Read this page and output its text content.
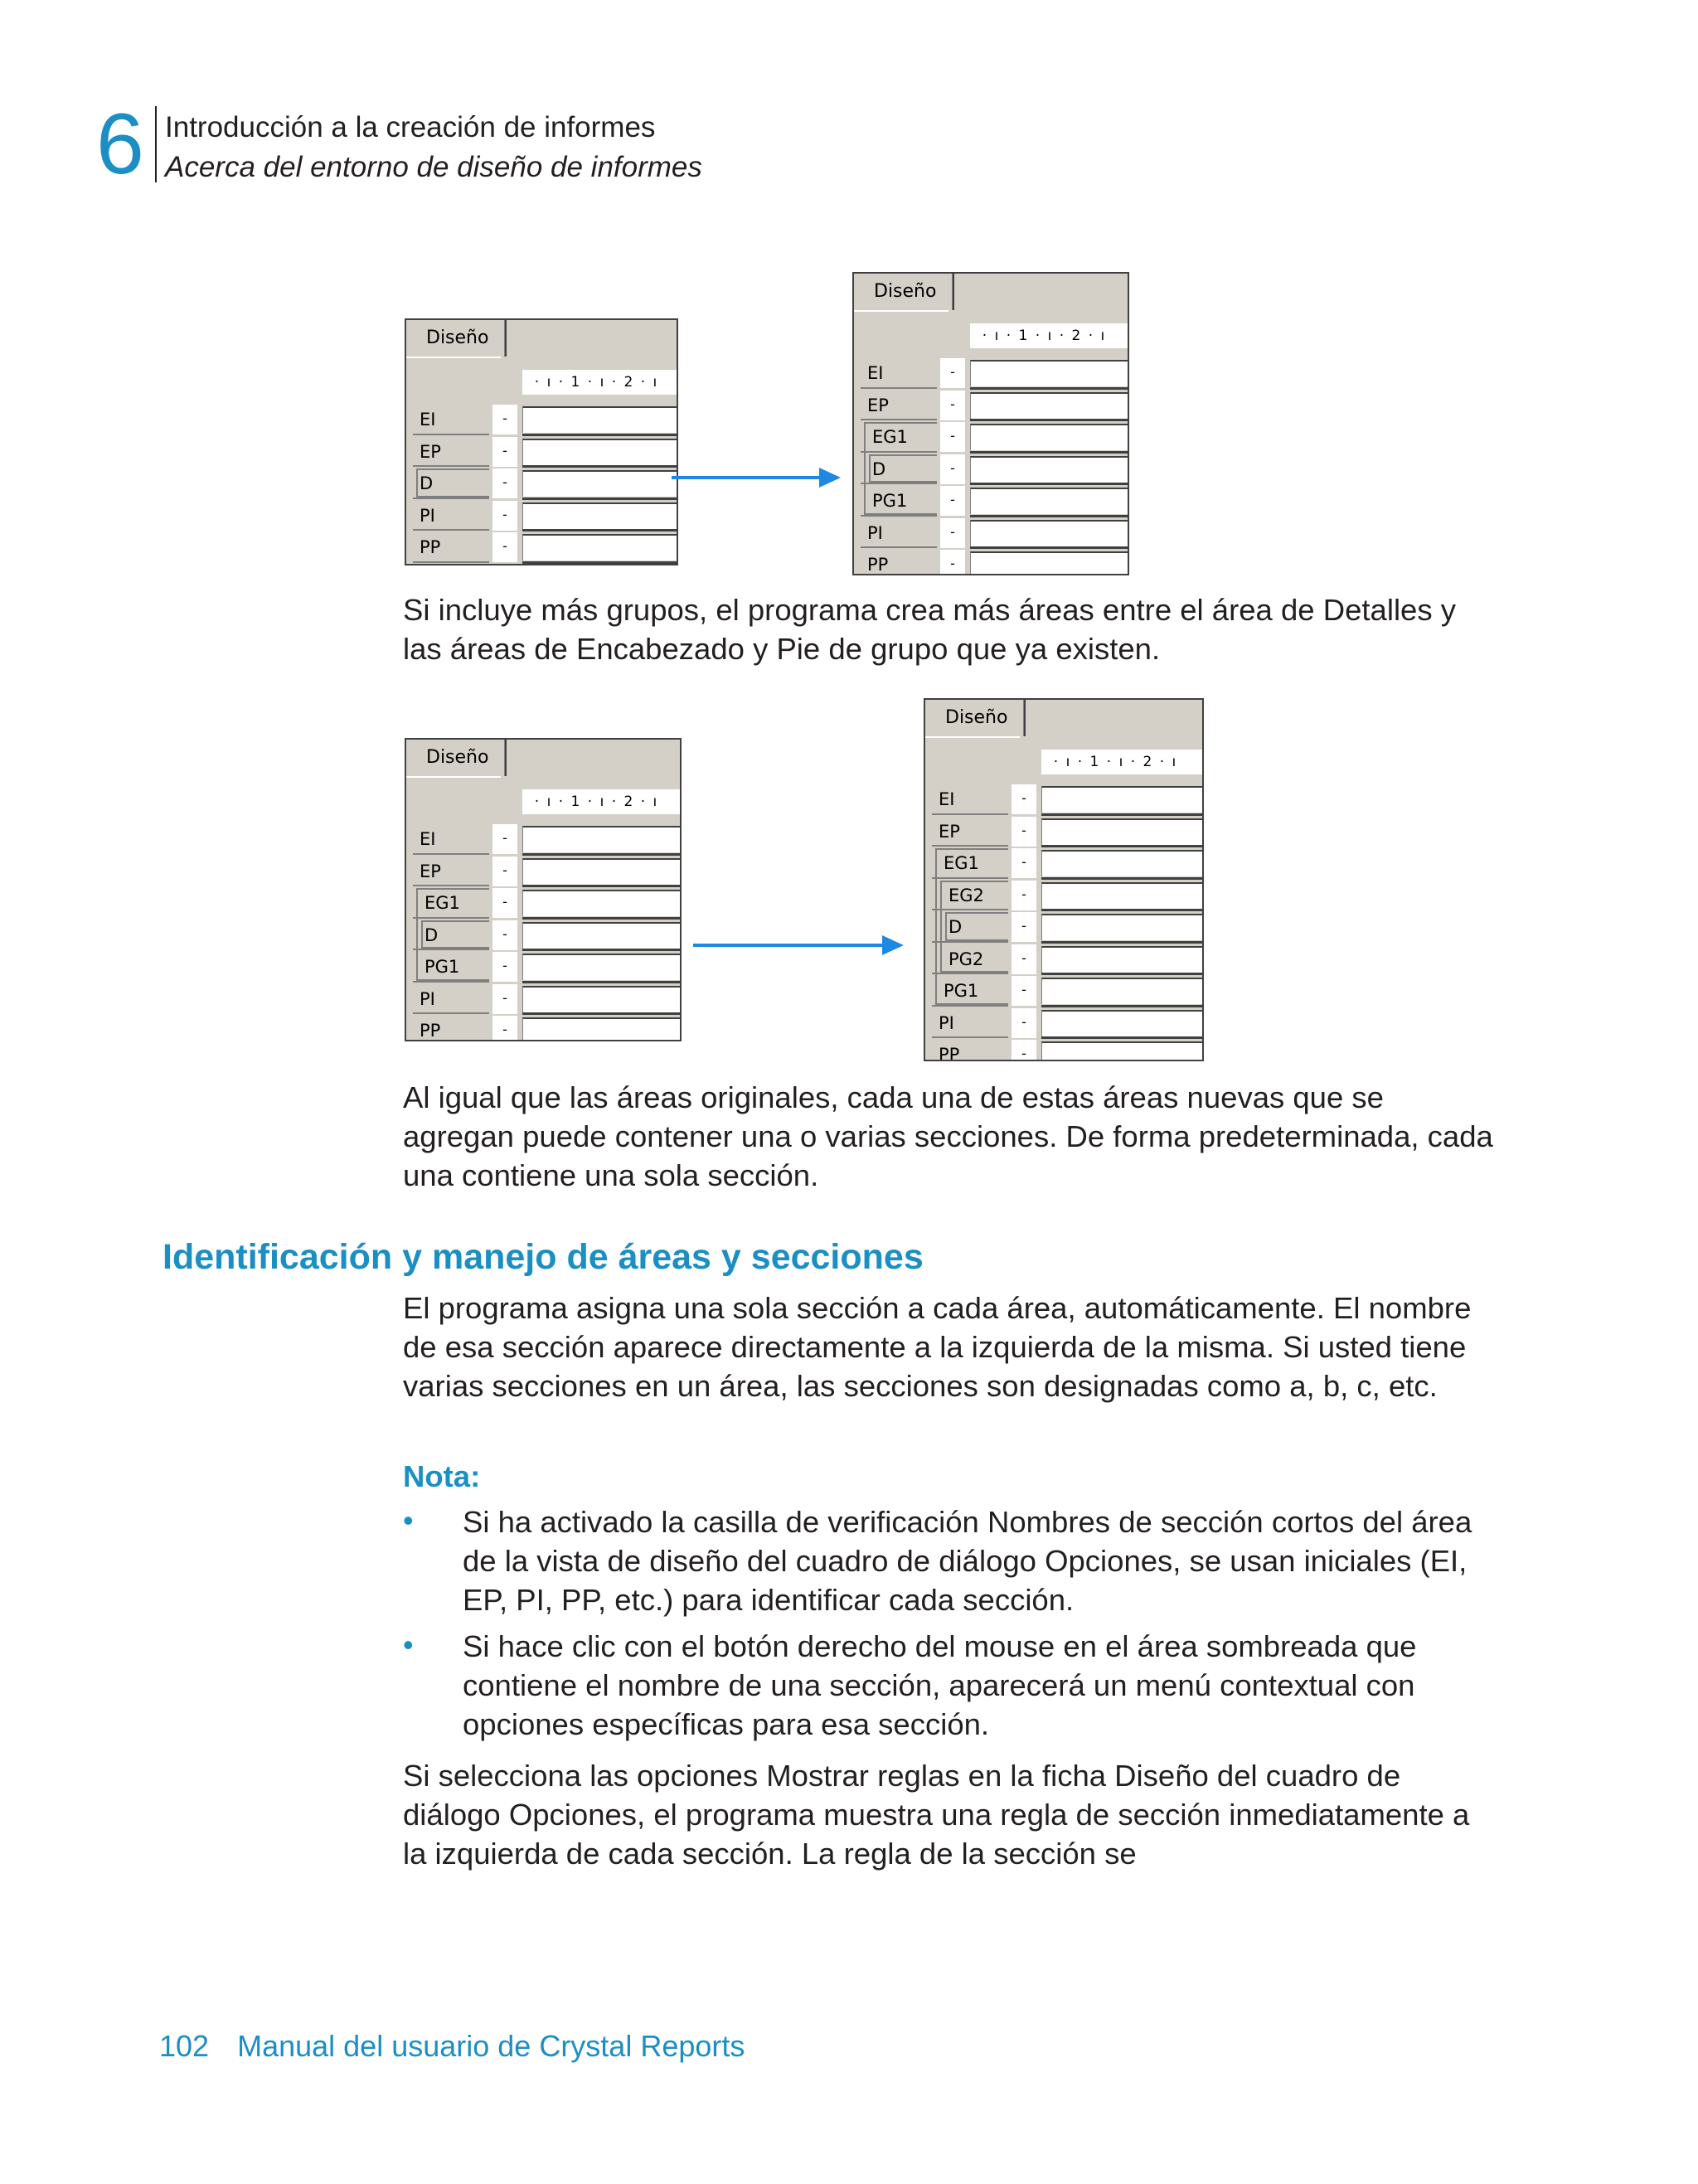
6 Introducción a la creación de informes
Acerca del entorno de diseño de informes
Diseño
· ı · 1 · ı · 2 · ı
EI	-
EP	-
D	-
PI	-
PP	-
Diseño
· ı · 1 · ı · 2 · ı
EI	-
EP	-
EG1	-
D	-
PG1	-
PI	-
PP	-

Si incluye más grupos, el programa crea más áreas entre el área de Detalles y las áreas de Encabezado y Pie de grupo que ya existen.

Diseño
· ı · 1 · ı · 2 · ı
EI	-
EP	-
EG1	-
D	-
PG1	-
PI	-
PP	-
Diseño
· ı · 1 · ı · 2 · ı
EI	-
EP	-
EG1	-
EG2	-
D	-
PG2	-
PG1	-
PI	-
PP	-

Al igual que las áreas originales, cada una de estas áreas nuevas que se agregan puede contener una o varias secciones. De forma predeterminada, cada una contiene una sola sección.

Identificación y manejo de áreas y secciones

El programa asigna una sola sección a cada área, automáticamente. El nombre de esa sección aparece directamente a la izquierda de la misma. Si usted tiene varias secciones en un área, las secciones son designadas como a, b, c, etc.

Nota:
• Si ha activado la casilla de verificación Nombres de sección cortos del área de la vista de diseño del cuadro de diálogo Opciones, se usan iniciales (EI, EP, PI, PP, etc.) para identificar cada sección.

• Si hace clic con el botón derecho del mouse en el área sombreada que contiene el nombre de una sección, aparecerá un menú contextual con opciones específicas para esa sección.

Si selecciona las opciones Mostrar reglas en la ficha Diseño del cuadro de diálogo Opciones, el programa muestra una regla de sección inmediatamente a la izquierda de cada sección. La regla de la sección se

102 Manual del usuario de Crystal Reports
